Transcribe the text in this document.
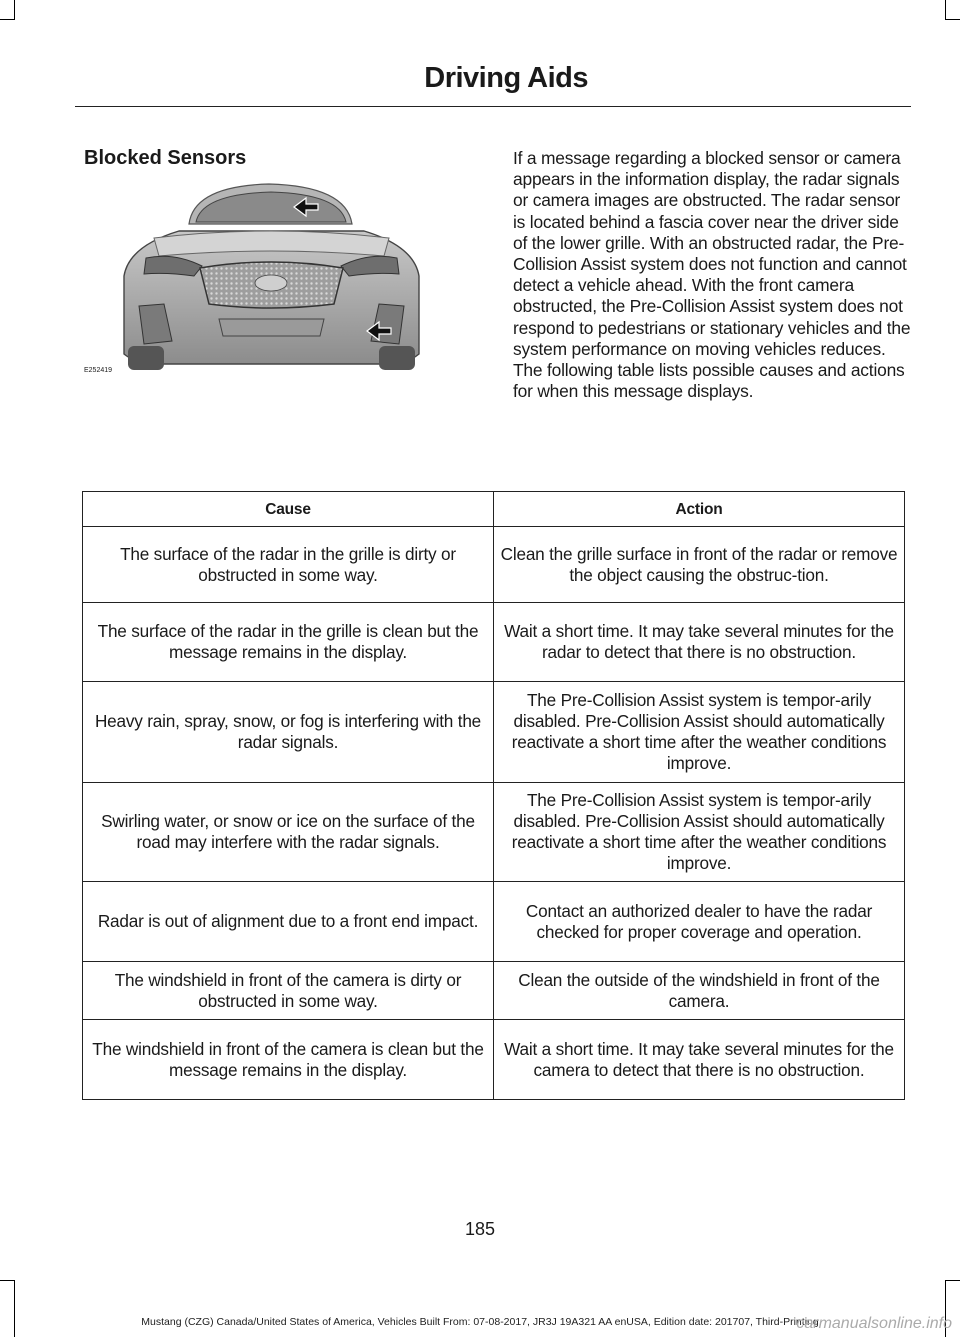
Driving Aids
Blocked Sensors	If a message regarding a blocked sensor or camera appears in the information display, the radar signals or camera images are obstructed. The radar sensor is located behind a fascia cover near the driver side of the lower grille. With an obstructed radar, the Pre-Collision Assist system does not function and cannot detect a vehicle ahead. With the front camera obstructed, the Pre-Collision Assist system does not respond to pedestrians or stationary vehicles and the system performance on moving vehicles reduces. The following table lists possible causes and actions for when this message displays.

E252419
Cause	Action
The surface of the radar in the grille is dirty or obstructed in some way.	Clean the grille surface in front of the radar or remove the object causing the obstruc-tion.
The surface of the radar in the grille is clean but the message remains in the display.	Wait a short time. It may take several minutes for the radar to detect that there is no obstruction.
Heavy rain, spray, snow, or fog is interfering with the radar signals.	The Pre-Collision Assist system is tempor-arily disabled. Pre-Collision Assist should automatically reactivate a short time after the weather conditions improve.
Swirling water, or snow or ice on the surface of the road may interfere with the radar signals.	The Pre-Collision Assist system is tempor-arily disabled. Pre-Collision Assist should automatically reactivate a short time after the weather conditions improve.
Radar is out of alignment due to a front end impact.	Contact an authorized dealer to have the radar checked for proper coverage and operation.
The windshield in front of the camera is dirty or obstructed in some way.	Clean the outside of the windshield in front of the camera.
The windshield in front of the camera is clean but the message remains in the display.	Wait a short time. It may take several minutes for the camera to detect that there is no obstruction.
185
Mustang (CZG) Canada/United States of America, Vehicles Built From: 07-08-2017, JR3J 19A321 AA enUSA, Edition date: 201707, Third-Printing
carmanualsonline.info
